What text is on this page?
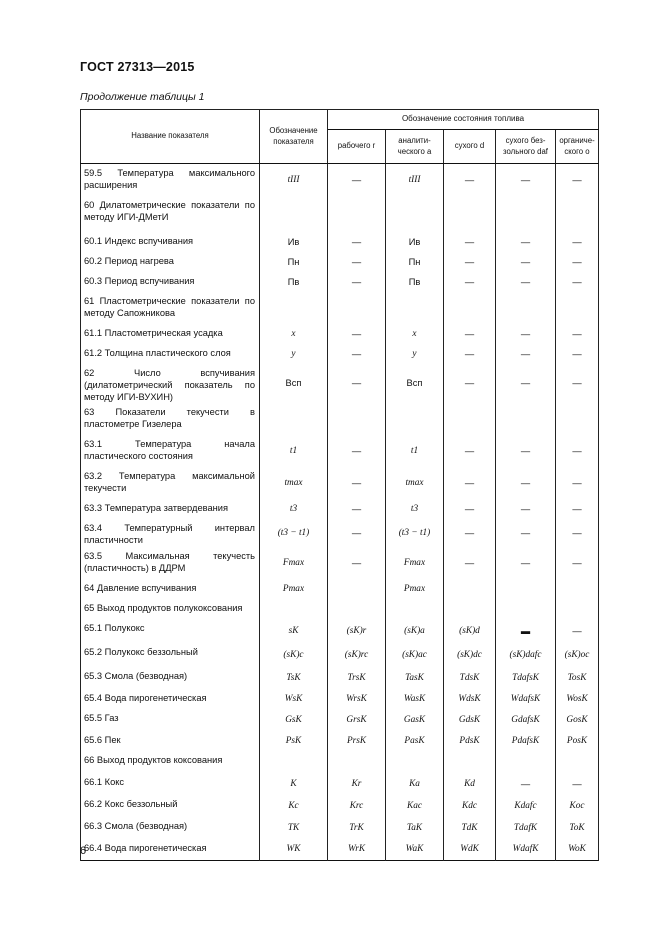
ГОСТ 27313—2015
Продолжение таблицы 1
Название показателя	Обозначение показателя	Обозначение состояния топлива				
		рабочего r	аналити-ческого a	сухого d	сухого без-зольного daf	органиче-ского o
59.5 Температура максимального расширения	tIII	—	tIII	—	—	—
60 Дилатометрические показатели по методу ИГИ-ДМетИ						
60.1 Индекс вспучивания	Ив	—	Ив	—	—	—
60.2 Период нагрева	Пн	—	Пн	—	—	—
60.3 Период вспучивания	Пв	—	Пв	—	—	—
61 Пластометрические показатели по методу Сапожникова						
61.1 Пластометрическая усадка	x	—	x	—	—	—
61.2 Толщина пластического слоя	y	—	y	—	—	—
62 Число вспучивания (дилатометрический показатель по методу ИГИ-ВУХИН)	Всп	—	Всп	—	—	—
63 Показатели текучести в пластометре Гизелера						
63.1 Температура начала пластического состояния	t1	—	t1	—	—	—
63.2 Температура максимальной текучести	tmax	—	tmax	—	—	—
63.3 Температура затвердевания	t3	—	t3	—	—	—
63.4 Температурный интервал пластичности	(t3 − t1)	—	(t3 − t1)	—	—	—
63.5 Максимальная текучесть (пластичность) в ДДРМ	Fmax	—	Fmax	—	—	—
64 Давление вспучивания	Pmax		Pmax			
65 Выход продуктов полукоксования						
65.1 Полукокс	sK	(sK)r	(sK)a	(sK)d	▬	—
65.2 Полукокс беззольный	(sK)c	(sK)rc	(sK)ac	(sK)dc	(sK)dafc	(sK)oc
65.3 Смола (безводная)	TsK	TrsK	TasK	TdsK	TdafsK	TosK
65.4 Вода пирогенетическая	WsK	WrsK	WasK	WdsK	WdafsK	WosK
65.5 Газ	GsK	GrsK	GasK	GdsK	GdafsK	GosK
65.6 Пек	PsK	PrsK	PasK	PdsK	PdafsK	PosK
66 Выход продуктов коксования						
66.1 Кокс	K	Kr	Ka	Kd	—	—
66.2 Кокс беззольный	Kc	Krc	Kac	Kdc	Kdafc	Koc
66.3 Смола (безводная)	TK	TrK	TaK	TdK	TdafK	ToK
66.4 Вода пирогенетическая	WK	WrK	WaK	WdK	WdafK	WoK
6
